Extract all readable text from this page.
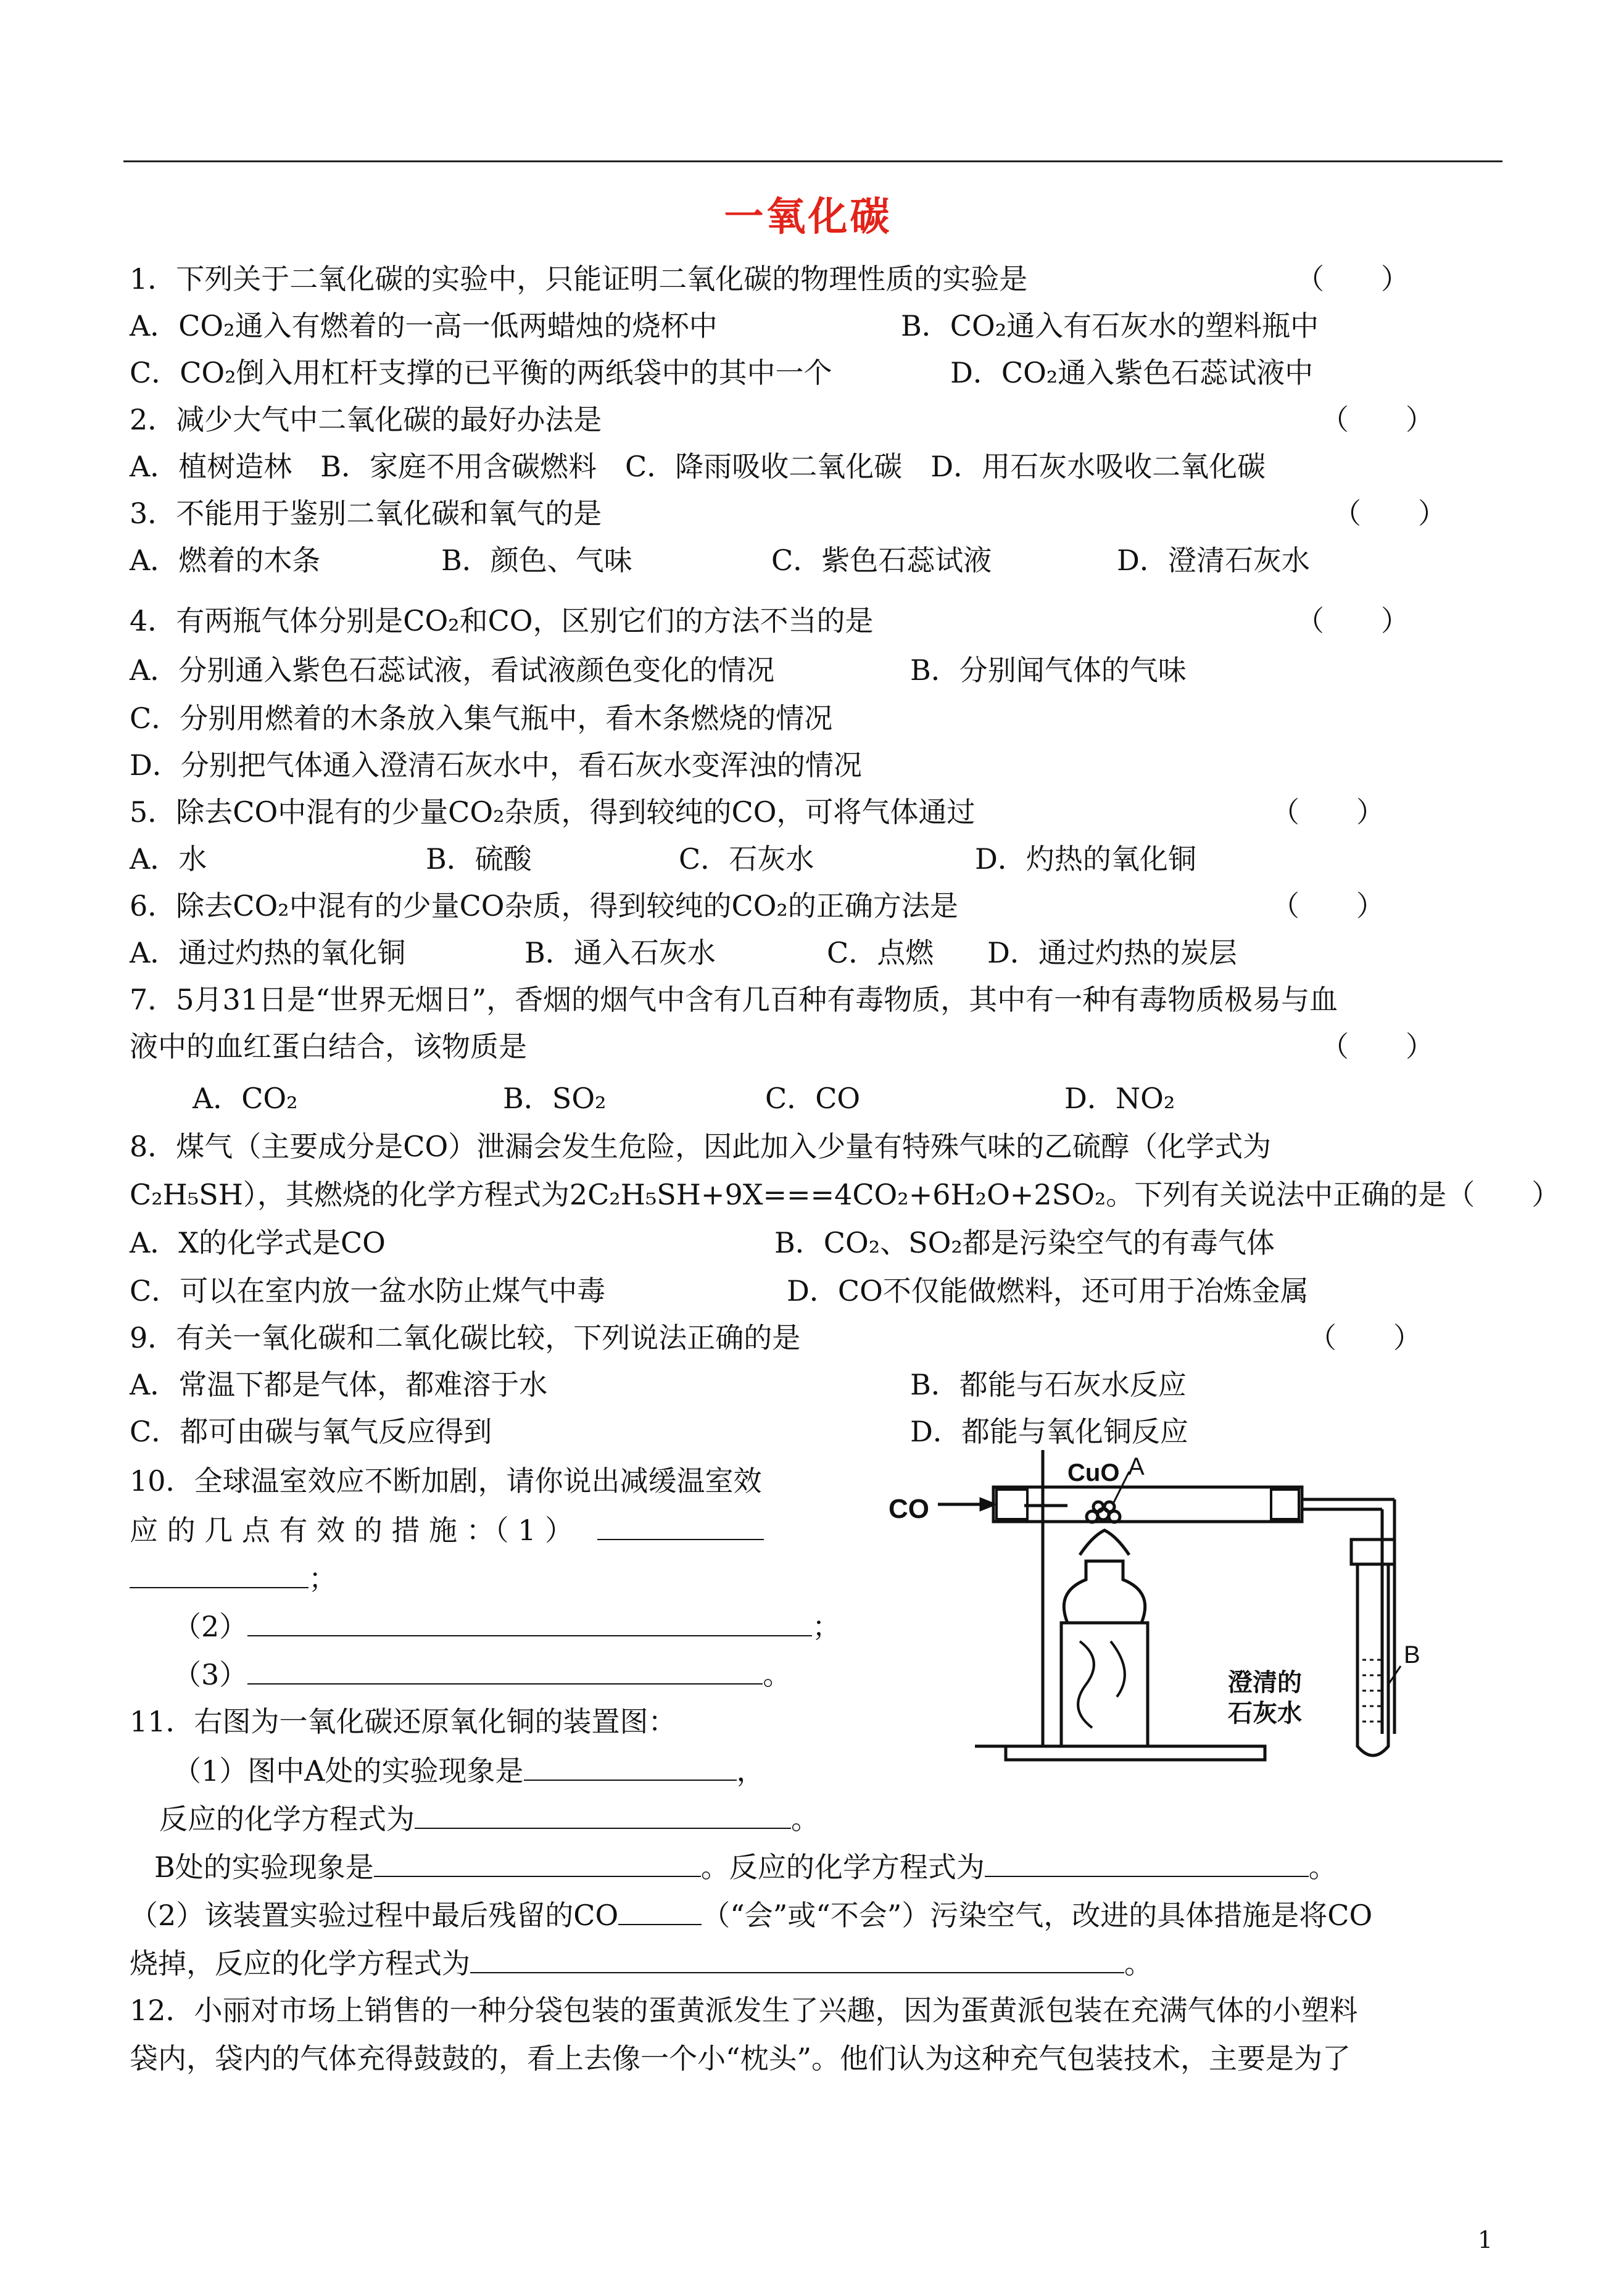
一氧化碳
1．下列关于二氧化碳的实验中，只能证明二氧化碳的物理性质的实验是	（　　）
A．CO₂通入有燃着的一高一低两蜡烛的烧杯中	B．CO₂通入有石灰水的塑料瓶中
C．CO₂倒入用杠杆支撑的已平衡的两纸袋中的其中一个	D．CO₂通入紫色石蕊试液中
2．减少大气中二氧化碳的最好办法是	（　　）
A．植树造林　B．家庭不用含碳燃料　C．降雨吸收二氧化碳　D．用石灰水吸收二氧化碳
3．不能用于鉴别二氧化碳和氧气的是	（　　）
A．燃着的木条	B．颜色、气味	C．紫色石蕊试液	D．澄清石灰水
4．有两瓶气体分别是CO₂和CO，区别它们的方法不当的是	（　　）
A．分别通入紫色石蕊试液，看试液颜色变化的情况	B．分别闻气体的气味
C．分别用燃着的木条放入集气瓶中，看木条燃烧的情况
D．分别把气体通入澄清石灰水中，看石灰水变浑浊的情况
5．除去CO中混有的少量CO₂杂质，得到较纯的CO，可将气体通过	（　　）
A．水	B．硫酸	C．石灰水	D．灼热的氧化铜
6．除去CO₂中混有的少量CO杂质，得到较纯的CO₂的正确方法是	（　　）
A．通过灼热的氧化铜	B．通入石灰水	C．点燃 D．通过灼热的炭层
7．5月31日是“世界无烟日”，香烟的烟气中含有几百种有毒物质，其中有一种有毒物质极易与血
液中的血红蛋白结合，该物质是	（　　）
A．CO₂	B．SO₂	C．CO	D．NO₂
8．煤气（主要成分是CO）泄漏会发生危险，因此加入少量有特殊气味的乙硫醇（化学式为
C₂H₅SH），其燃烧的化学方程式为2C₂H₅SH+9X===4CO₂+6H₂O+2SO₂。下列有关说法中正确的是（　　）
A．X的化学式是CO	B．CO₂、SO₂都是污染空气的有毒气体
C．可以在室内放一盆水防止煤气中毒	D．CO不仅能做燃料，还可用于冶炼金属
9．有关一氧化碳和二氧化碳比较，下列说法正确的是	（　　）
A．常温下都是气体，都难溶于水	B．都能与石灰水反应
C．都可由碳与氧气反应得到	D．都能与氧化铜反应
10．全球温室效应不断加剧，请你说出减缓温室效
应 的 几 点 有 效 的 措 施 ：（ 1 ）
；
（2）	；
（3）	。
11．右图为一氧化碳还原氧化铜的装置图：
（1）图中A处的实验现象是	，
反应的化学方程式为	。
B处的实验现象是	。反应的化学方程式为	。
（2）该装置实验过程中最后残留的CO	（“会”或“不会”）污染空气，改进的具体措施是将CO
烧掉，反应的化学方程式为	。
12．小丽对市场上销售的一种分袋包装的蛋黄派发生了兴趣，因为蛋黄派包装在充满气体的小塑料
袋内，袋内的气体充得鼓鼓的，看上去像一个小“枕头”。他们认为这种充气包装技术，主要是为了
1
CO
CuO A
B
澄清的
石灰水
